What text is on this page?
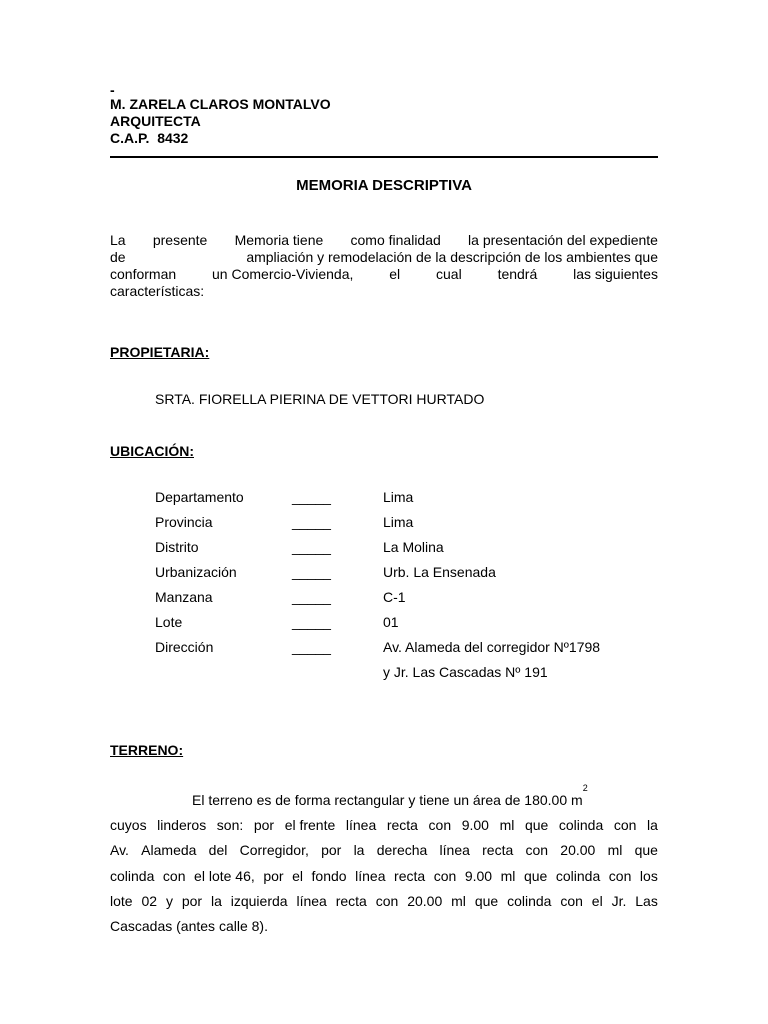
-
M. ZARELA CLAROS MONTALVO
ARQUITECTA
C.A.P.  8432
MEMORIA DESCRIPTIVA
La presente Memoria tiene como finalidad la presentación del expediente
de	ampliación y remodelación de la descripción de los ambientes que
conforman	un Comercio-Vivienda,	el	cual	tendrá	las siguientes
características:
PROPIETARIA:
SRTA. FIORELLA PIERINA DE VETTORI HURTADO
UBICACIÓN:
Departamento	_____	Lima
Provincia	_____	Lima
Distrito	_____	La Molina
Urbanización	_____	Urb. La Ensenada
Manzana	_____	C-1
Lote	_____	01
Dirección	_____	Av. Alameda del corregidor Nº1798
y Jr. Las Cascadas Nº 191
TERRENO:
El terreno es de forma rectangular y tiene un área de 180.00 m
2
cuyos linderos son: por el frente línea recta con 9.00 ml que colinda con la
Av. Alameda del Corregidor, por la derecha línea recta con 20.00 ml que
colinda con el lote 46, por el fondo línea recta con 9.00 ml que colinda con los
lote 02 y por la izquierda línea recta con 20.00 ml que colinda con el Jr. Las
Cascadas (antes calle 8).
